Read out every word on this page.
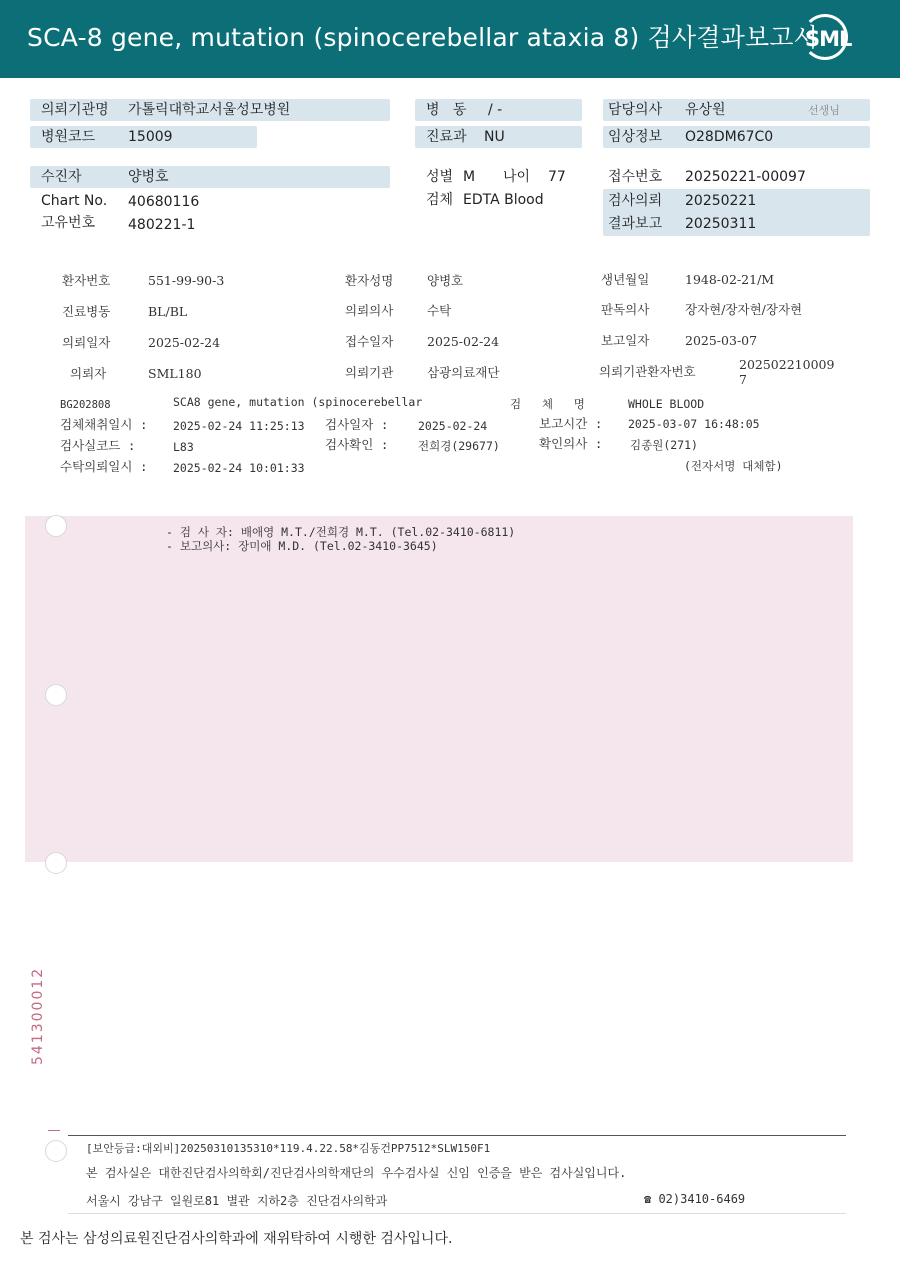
SCA-8 gene, mutation (spinocerebellar ataxia 8) 검사결과보고서
SML
의뢰기관명 가톨릭대학교서울성모병원
병원코드 15009
병   동 / -
진료과 NU
담당의사 유상원	선생님
임상정보 O28DM67C0
수진자	양병호
Chart No. 40680116
고유번호 480221-1
성별 M 나이 77
검체 EDTA Blood
접수번호 20250221-00097
검사의뢰 20250221
결과보고 20250311
환자번호	551-99-90-3	환자성명	양병호	생년월일	1948-02-21/M
진료병동	BL/BL	의뢰의사	수탁	판독의사	장자현/장자현/장자현
의뢰일자	2025-02-24	접수일자	2025-02-24	보고일자	2025-03-07
의뢰자	SML180	의뢰기관	삼광의료재단	의뢰기관환자번호	202502210009
7
BG202808	SCA8 gene, mutation (spinocerebellar	검   체   명	WHOLE BLOOD
검체채취일시 : 2025-02-24 11:25:13 검사일자 :	2025-02-24	보고시간 : 2025-03-07 16:48:05
검사실코드 :	L83	검사확인 :	전희경(29677)	확인의사 : 김종원(271)
수탁의뢰일시 : 2025-02-24 10:01:33	(전자서명 대체함)
- 검 사 자: 배애영 M.T./전희경 M.T. (Tel.02-3410-6811)
- 보고의사: 장미애 M.D. (Tel.02-3410-3645)
541300012
[보안등급:대외비]20250310135310*119.4.22.58*김동건PP7512*SLW150F1
본 검사실은 대한진단검사의학회/진단검사의학재단의 우수검사실 신임 인증을 받은 검사실입니다.
서울시 강남구 일원로81 별관 지하2층 진단검사의학과	☎ 02)3410-6469
본 검사는 삼성의료원진단검사의학과에 재위탁하여 시행한 검사입니다.
